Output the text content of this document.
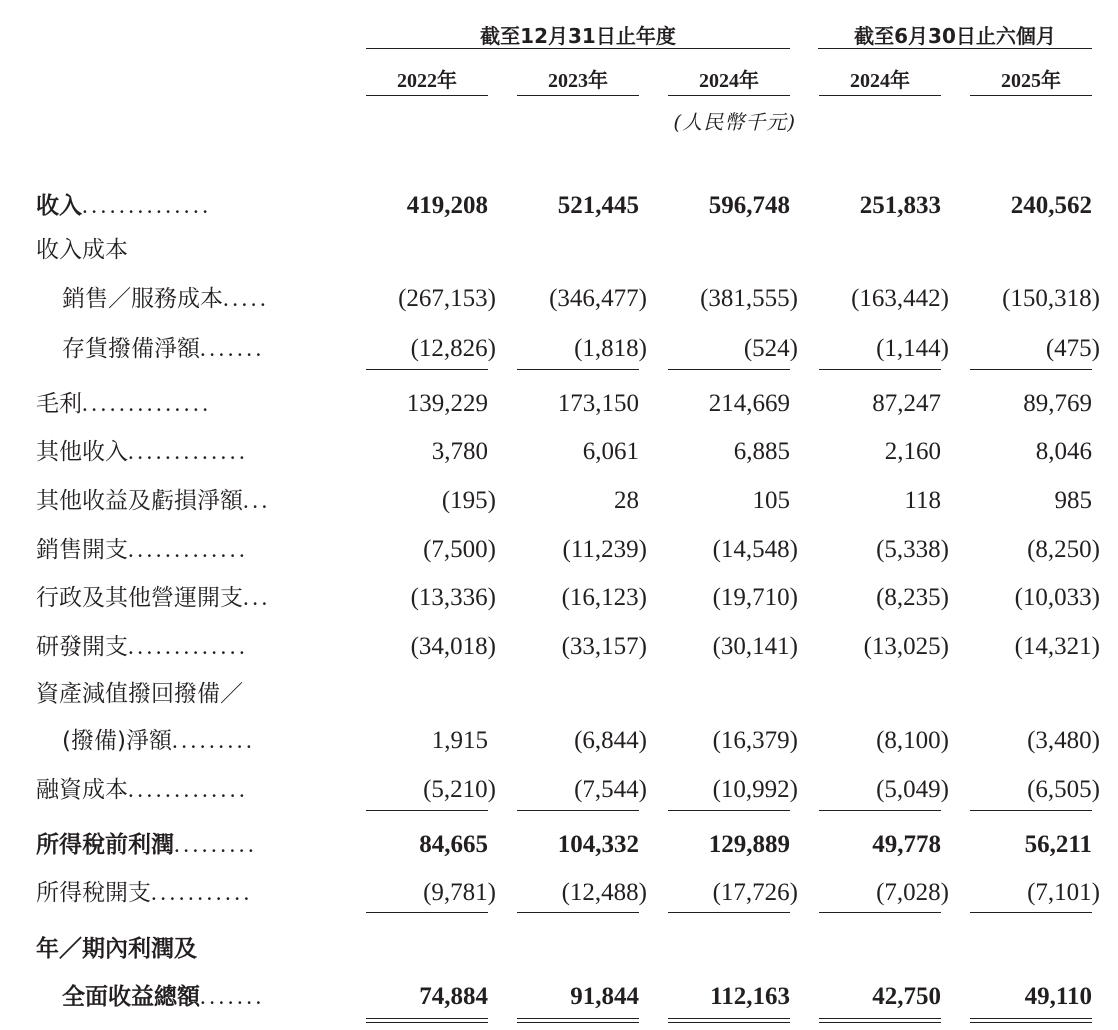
截至12月31日止年度	截至6月30日止六個月
2022年	2023年	2024年	2024年	2025年
(人民幣千元)
收入..............	419,208	521,445	596,748	251,833	240,562
收入成本
銷售／服務成本.....	(267,153)	(346,477)	(381,555)	(163,442)	(150,318)
存貨撥備淨額.......	(12,826)	(1,818)	(524)	(1,144)	(475)
毛利..............	139,229	173,150	214,669	87,247	89,769
其他收入.............	3,780	6,061	6,885	2,160	8,046
其他收益及虧損淨額...	(195)	28	105	118	985
銷售開支.............	(7,500)	(11,239)	(14,548)	(5,338)	(8,250)
行政及其他營運開支...	(13,336)	(16,123)	(19,710)	(8,235)	(10,033)
研發開支.............	(34,018)	(33,157)	(30,141)	(13,025)	(14,321)
資產減值撥回撥備／
(撥備)淨額.........	1,915	(6,844)	(16,379)	(8,100)	(3,480)
融資成本.............	(5,210)	(7,544)	(10,992)	(5,049)	(6,505)
所得稅前利潤.........	84,665	104,332	129,889	49,778	56,211
所得稅開支...........	(9,781)	(12,488)	(17,726)	(7,028)	(7,101)
年／期內利潤及
全面收益總額.......	74,884	91,844	112,163	42,750	49,110
